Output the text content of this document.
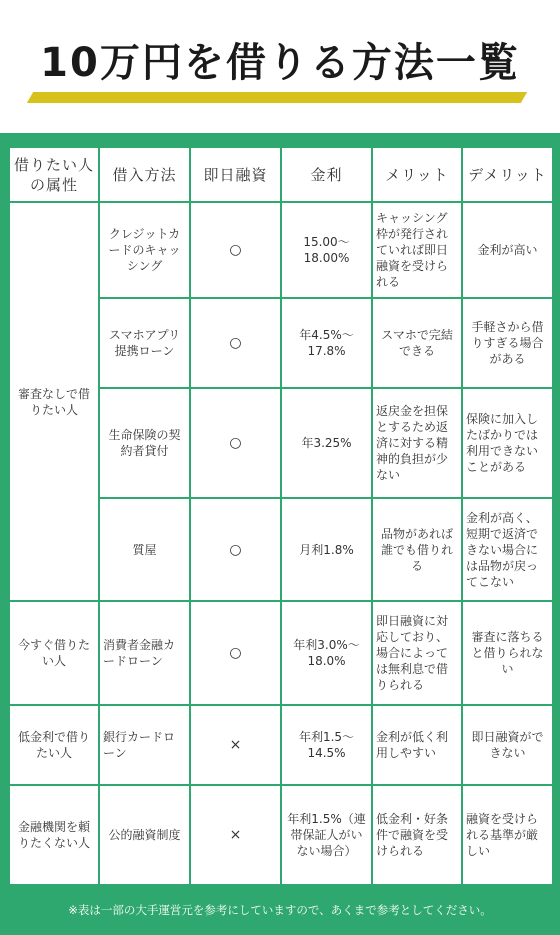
10万円を借りる方法一覧
借りたい人の属性	借入方法	即日融資	金利	メリット	デメリット
審査なしで借りたい人	クレジットカードのキャッシング	○	15.00〜18.00%	キャッシング枠が発行されていれば即日融資を受けられる	金利が高い
	スマホアプリ提携ローン	○	年4.5%〜17.8%	スマホで完結できる	手軽さから借りすぎる場合がある
	生命保険の契約者貸付	○	年3.25%	返戻金を担保とするため返済に対する精神的負担が少ない	保険に加入したばかりでは利用できないことがある
	質屋	○	月利1.8%	品物があれば誰でも借りれる	金利が高く、短期で返済できない場合には品物が戻ってこない
今すぐ借りたい人	消費者金融カードローン	○	年利3.0%〜18.0%	即日融資に対応しており、場合によっては無利息で借りられる	審査に落ちると借りられない
低金利で借りたい人	銀行カードローン	×	年利1.5〜14.5%	金利が低く利用しやすい	即日融資ができない
金融機関を頼りたくない人	公的融資制度	×	年利1.5%（連帯保証人がいない場合）	低金利・好条件で融資を受けられる	融資を受けられる基準が厳しい
※表は一部の大手運営元を参考にしていますので、あくまで参考としてください。
